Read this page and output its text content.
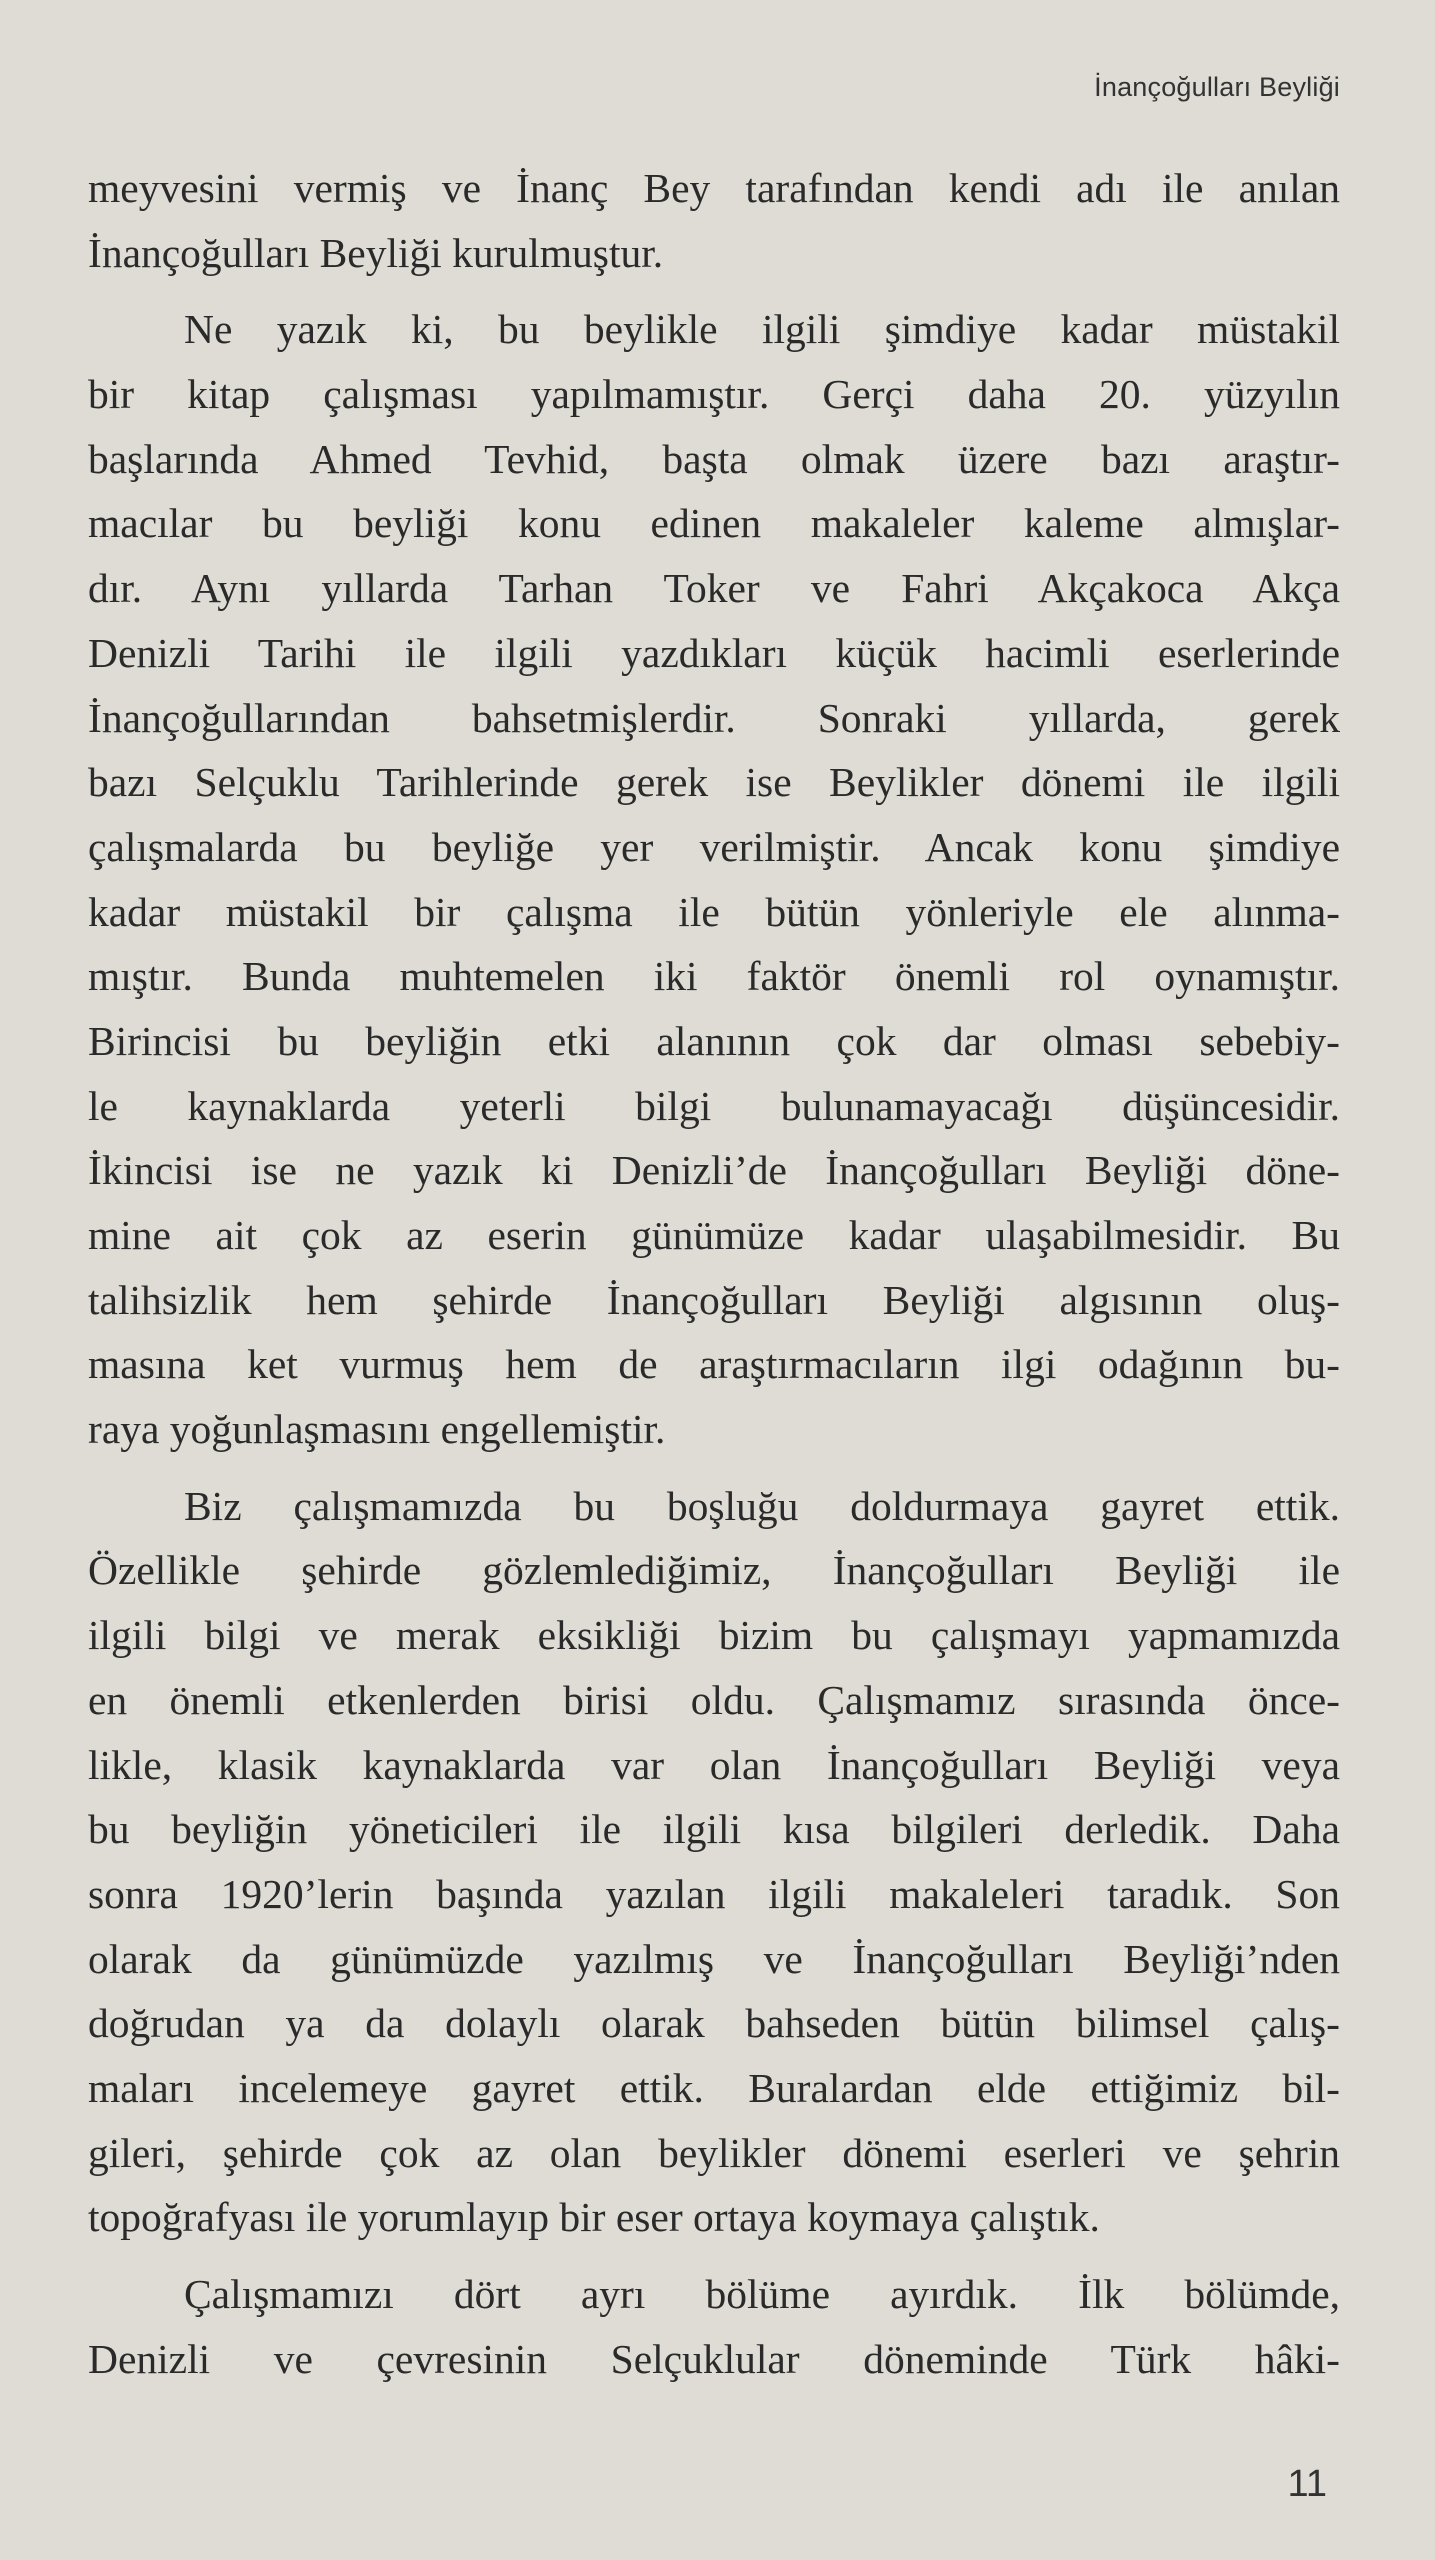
İnançoğulları Beyliği
meyvesini vermiş ve İnanç Bey tarafından kendi adı ile anılan
İnançoğulları Beyliği kurulmuştur.
Ne yazık ki, bu beylikle ilgili şimdiye kadar müstakil
bir kitap çalışması yapılmamıştır. Gerçi daha 20. yüzyılın
başlarında Ahmed Tevhid, başta olmak üzere bazı araştır-
macılar bu beyliği konu edinen makaleler kaleme almışlar-
dır. Aynı yıllarda Tarhan Toker ve Fahri Akçakoca Akça
Denizli Tarihi ile ilgili yazdıkları küçük hacimli eserlerinde
İnançoğullarından bahsetmişlerdir. Sonraki yıllarda, gerek
bazı Selçuklu Tarihlerinde gerek ise Beylikler dönemi ile ilgili
çalışmalarda bu beyliğe yer verilmiştir. Ancak konu şimdiye
kadar müstakil bir çalışma ile bütün yönleriyle ele alınma-
mıştır. Bunda muhtemelen iki faktör önemli rol oynamıştır.
Birincisi bu beyliğin etki alanının çok dar olması sebebiy-
le kaynaklarda yeterli bilgi bulunamayacağı düşüncesidir.
İkincisi ise ne yazık ki Denizli’de İnançoğulları Beyliği döne-
mine ait çok az eserin günümüze kadar ulaşabilmesidir. Bu
talihsizlik hem şehirde İnançoğulları Beyliği algısının oluş-
masına ket vurmuş hem de araştırmacıların ilgi odağının bu-
raya yoğunlaşmasını engellemiştir.
Biz çalışmamızda bu boşluğu doldurmaya gayret ettik.
Özellikle şehirde gözlemlediğimiz, İnançoğulları Beyliği ile
ilgili bilgi ve merak eksikliği bizim bu çalışmayı yapmamızda
en önemli etkenlerden birisi oldu. Çalışmamız sırasında önce-
likle, klasik kaynaklarda var olan İnançoğulları Beyliği veya
bu beyliğin yöneticileri ile ilgili kısa bilgileri derledik. Daha
sonra 1920’lerin başında yazılan ilgili makaleleri taradık. Son
olarak da günümüzde yazılmış ve İnançoğulları Beyliği’nden
doğrudan ya da dolaylı olarak bahseden bütün bilimsel çalış-
maları incelemeye gayret ettik. Buralardan elde ettiğimiz bil-
gileri, şehirde çok az olan beylikler dönemi eserleri ve şehrin
topoğrafyası ile yorumlayıp bir eser ortaya koymaya çalıştık.
Çalışmamızı dört ayrı bölüme ayırdık. İlk bölümde,
Denizli ve çevresinin Selçuklular döneminde Türk hâki-
11
